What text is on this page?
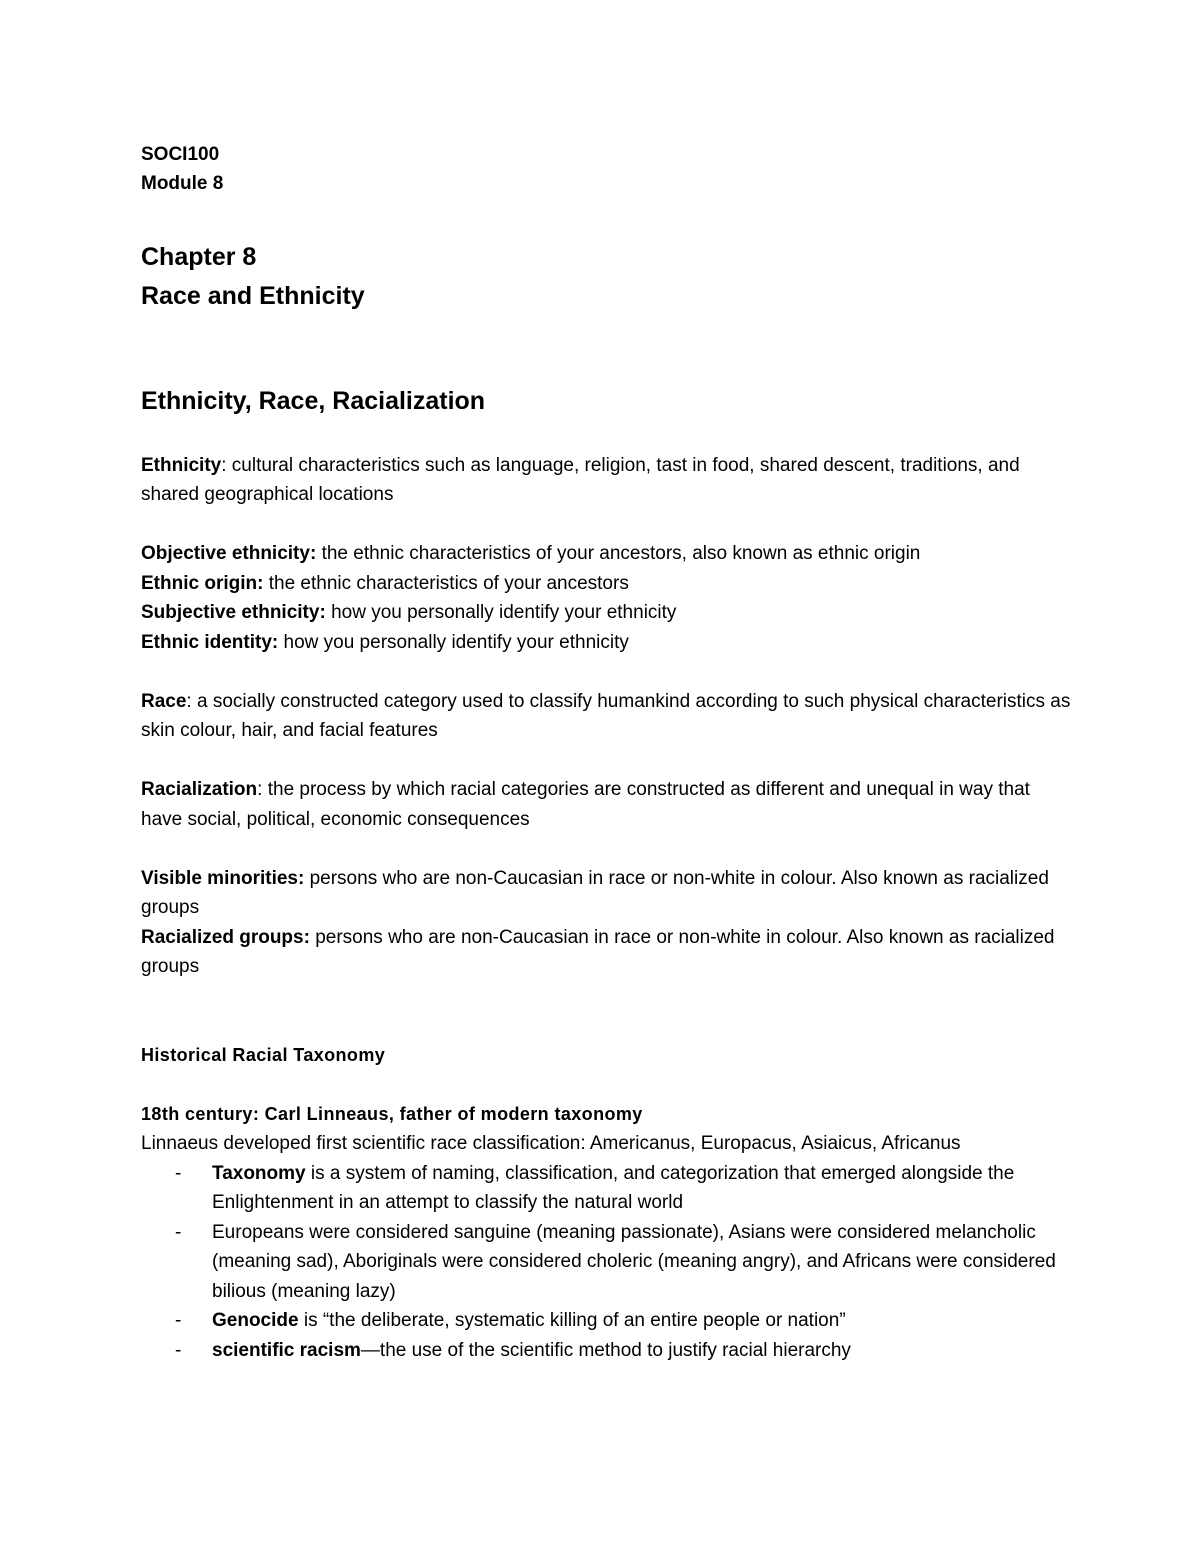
SOCI100
Module 8
Chapter 8
Race and Ethnicity
Ethnicity, Race, Racialization

Ethnicity: cultural characteristics such as language, religion, tast in food, shared descent, traditions, and shared geographical locations

Objective ethnicity: the ethnic characteristics of your ancestors, also known as ethnic origin

Ethnic origin: the ethnic characteristics of your ancestors

Subjective ethnicity: how you personally identify your ethnicity

Ethnic identity: how you personally identify your ethnicity

Race: a socially constructed category used to classify humankind according to such physical characteristics as skin colour, hair, and facial features

Racialization: the process by which racial categories are constructed as different and unequal in way that have social, political, economic consequences

Visible minorities: persons who are non-Caucasian in race or non-white in colour. Also known as racialized groups

Racialized groups: persons who are non-Caucasian in race or non-white in colour. Also known as racialized groups

Historical Racial Taxonomy
18th century: Carl Linneaus, father of modern taxonomy

Linnaeus developed first scientific race classification: Americanus, Europacus, Asiaicus, Africanus

- Taxonomy is a system of naming, classification, and categorization that emerged alongside the Enlightenment in an attempt to classify the natural world
- Europeans were considered sanguine (meaning passionate), Asians were considered melancholic (meaning sad), Aboriginals were considered choleric (meaning angry), and Africans were considered bilious (meaning lazy)
- Genocide is “the deliberate, systematic killing of an entire people or nation”
- scientific racism—the use of the scientific method to justify racial hierarchy
